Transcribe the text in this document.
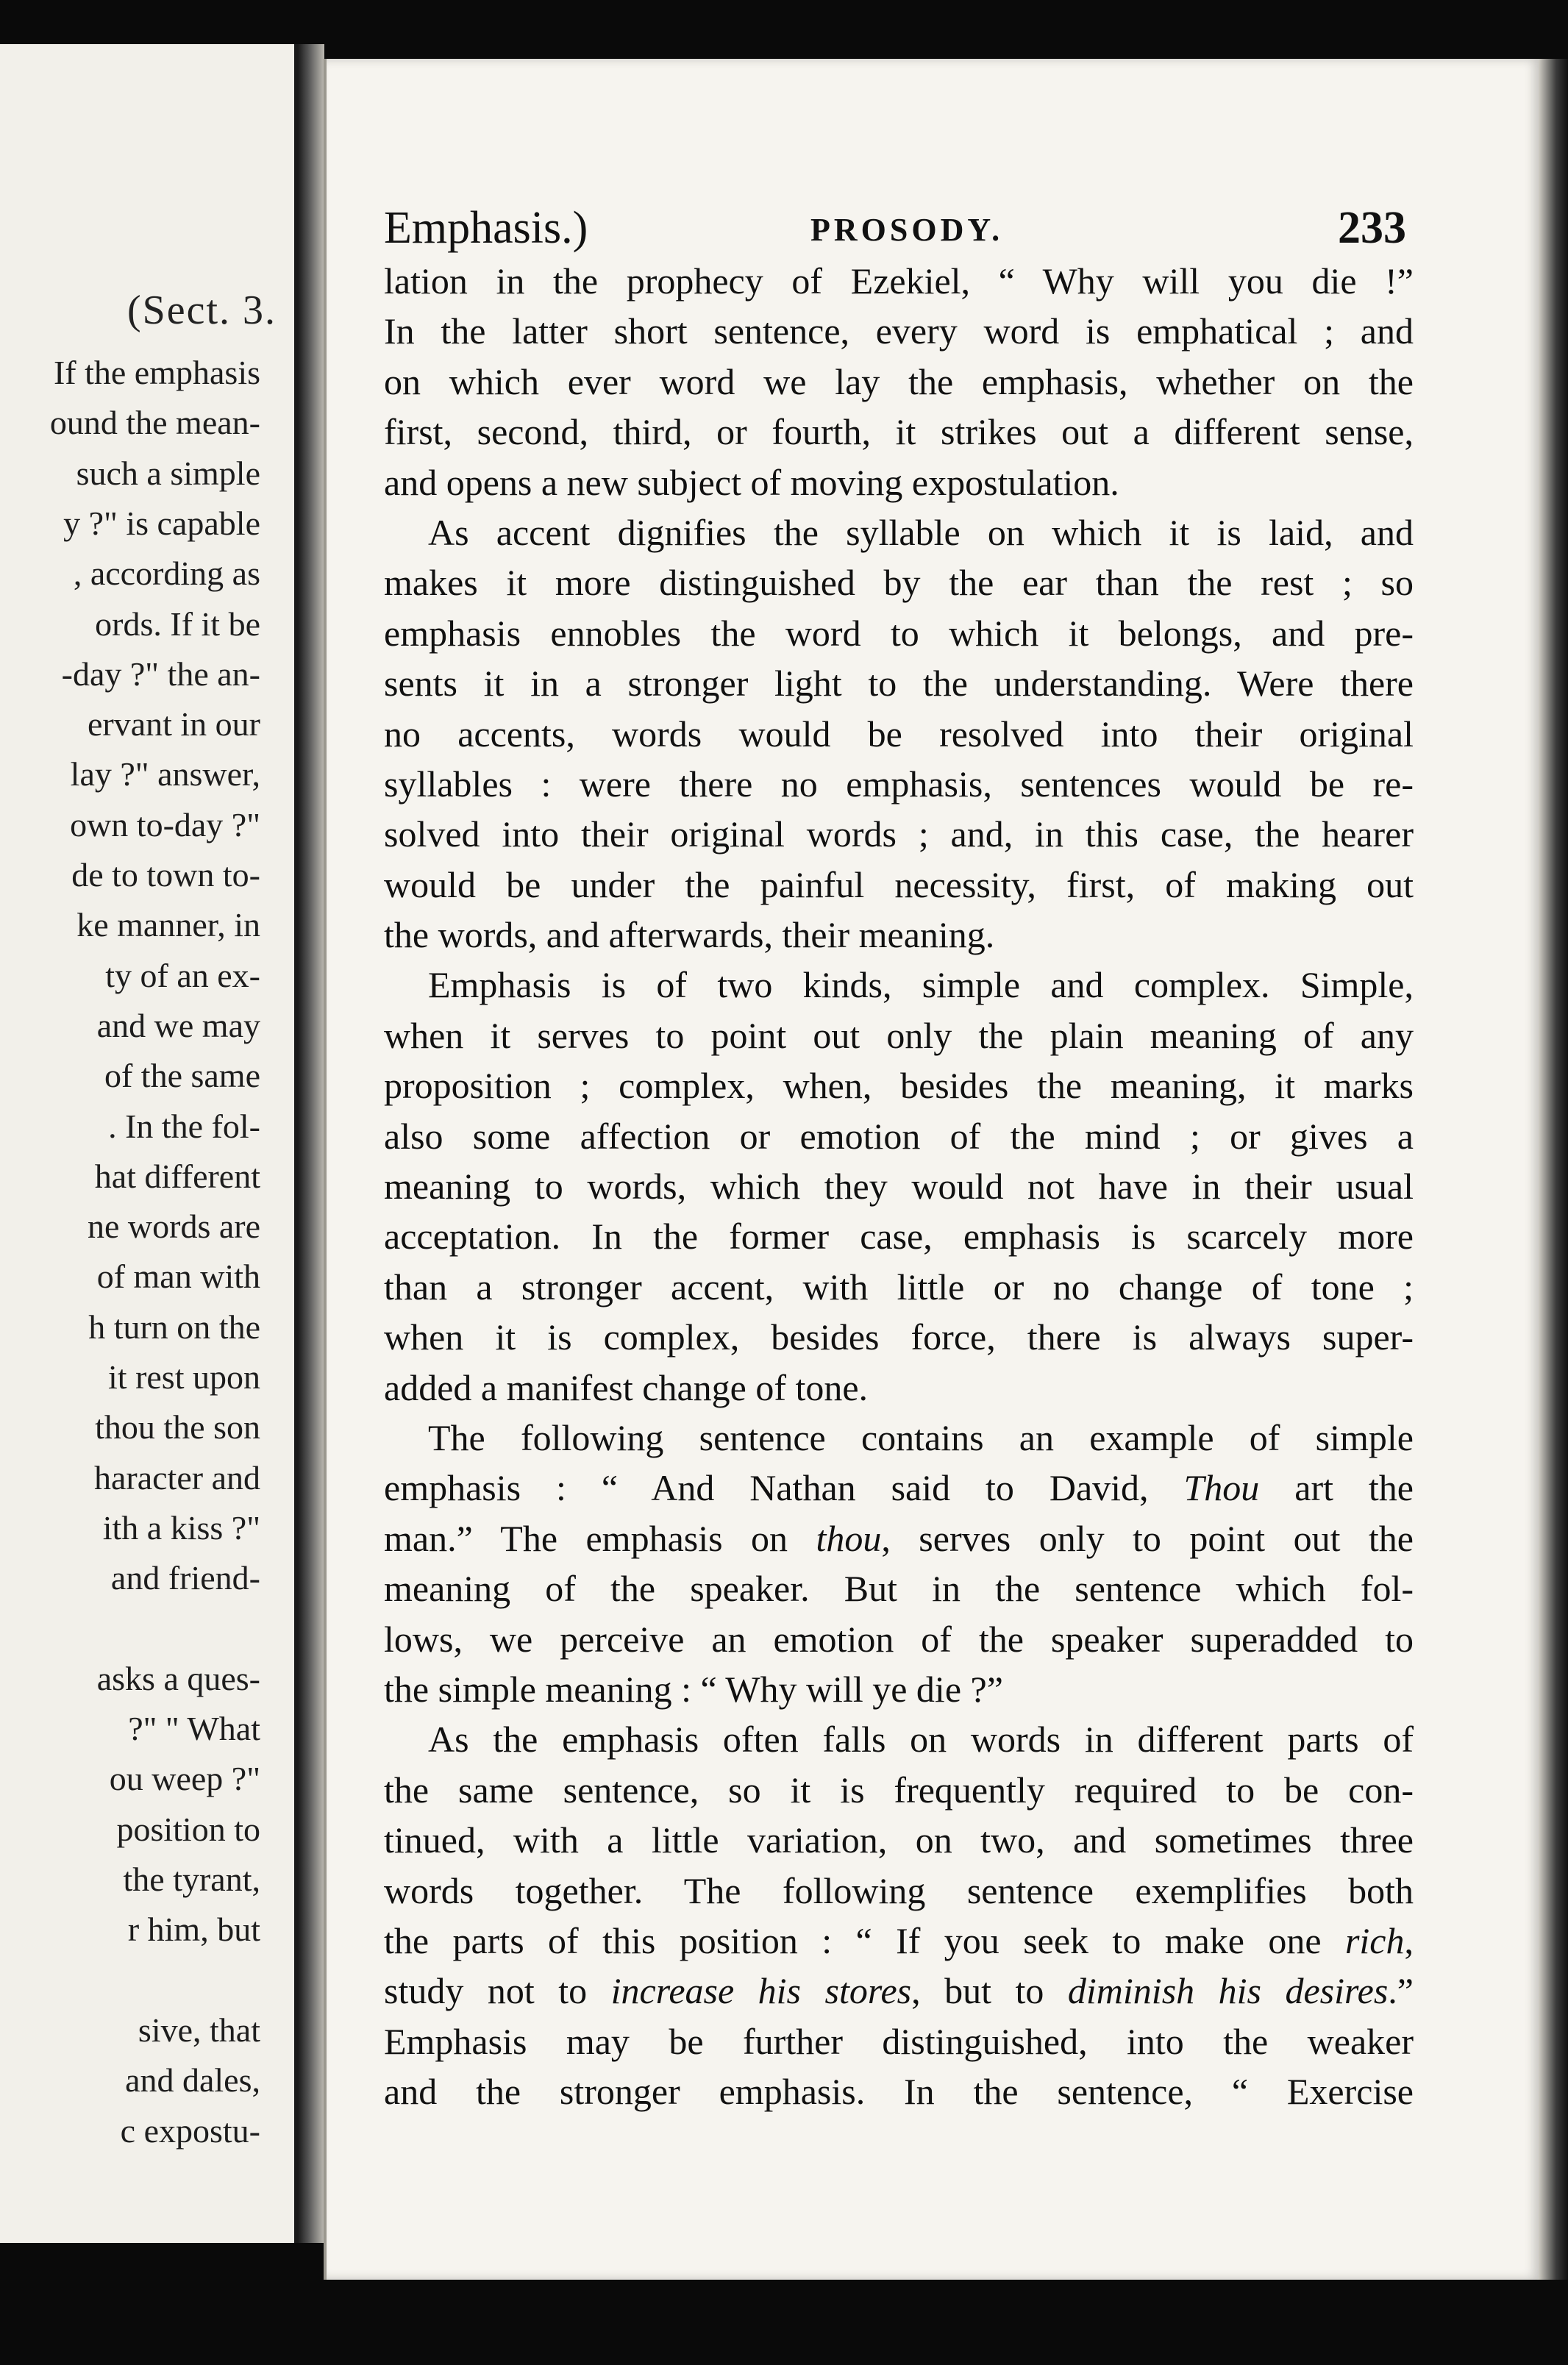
(Sect. 3.
If the emphasis
ound the mean-
such a simple
y ?" is capable
, according as
ords. If it be
-day ?" the an-
ervant in our
lay ?" answer,
own to-day ?"
de to town to-
ke manner, in
ty of an ex-
and we may
of the same
. In the fol-
hat different
ne words are
of man with
h turn on the
it rest upon
thou the son
haracter and
ith a kiss ?"
and friend-
asks a ques-
?" " What
ou weep ?"
position to
the tyrant,
r him, but
sive, that
and dales,
c expostu-
Emphasis.)	PROSODY.	233

lation in the prophecy of Ezekiel, “ Why will you die !”
In the latter short sentence, every word is emphatical ; and
on which ever word we lay the emphasis, whether on the
first, second, third, or fourth, it strikes out a different sense,
and opens a new subject of moving expostulation.

As accent dignifies the syllable on which it is laid, and
makes it more distinguished by the ear than the rest ; so
emphasis ennobles the word to which it belongs, and pre-
sents it in a stronger light to the understanding. Were there
no accents, words would be resolved into their original
syllables : were there no emphasis, sentences would be re-
solved into their original words ; and, in this case, the hearer
would be under the painful necessity, first, of making out
the words, and afterwards, their meaning.

Emphasis is of two kinds, simple and complex. Simple,
when it serves to point out only the plain meaning of any
proposition ; complex, when, besides the meaning, it marks
also some affection or emotion of the mind ; or gives a
meaning to words, which they would not have in their usual
acceptation. In the former case, emphasis is scarcely more
than a stronger accent, with little or no change of tone ;
when it is complex, besides force, there is always super-
added a manifest change of tone.

The following sentence contains an example of simple
emphasis : “ And Nathan said to David, Thou art the
man.” The emphasis on thou, serves only to point out the
meaning of the speaker. But in the sentence which fol-
lows, we perceive an emotion of the speaker superadded to
the simple meaning : “ Why will ye die ?”

As the emphasis often falls on words in different parts of
the same sentence, so it is frequently required to be con-
tinued, with a little variation, on two, and sometimes three
words together. The following sentence exemplifies both
the parts of this position : “ If you seek to make one rich,
study not to increase his stores, but to diminish his desires.”
Emphasis may be further distinguished, into the weaker
and the stronger emphasis. In the sentence, “ Exercise
